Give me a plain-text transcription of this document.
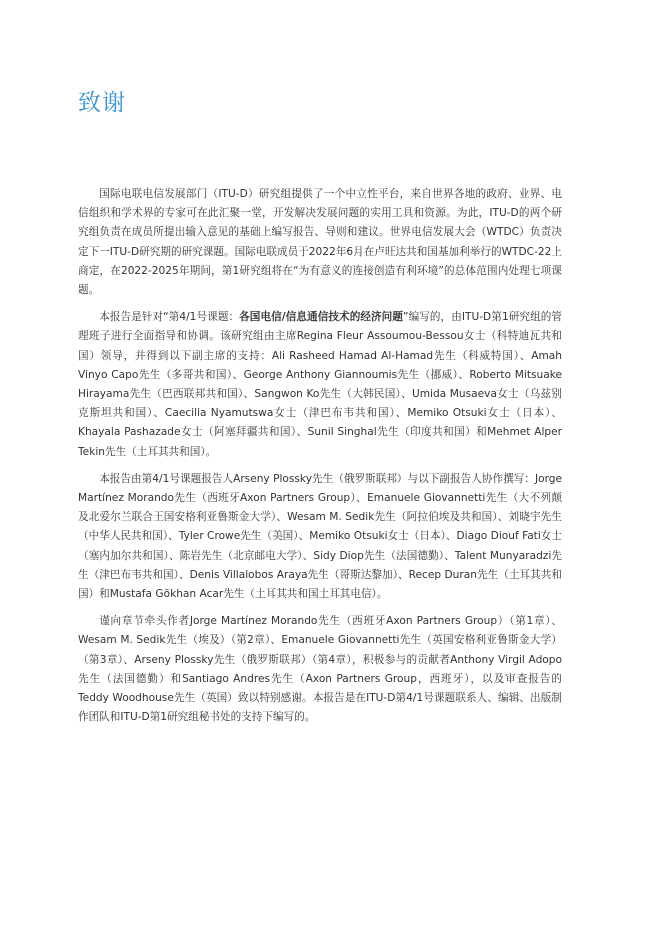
致谢

国际电联电信发展部门（ITU-D）研究组提供了一个中立性平台，来自世界各地的政府、业界、电信组织和学术界的专家可在此汇聚一堂，开发解决发展问题的实用工具和资源。为此，ITU-D的两个研究组负责在成员所提出输入意见的基础上编写报告、导则和建议。世界电信发展大会（WTDC）负责决定下一ITU-D研究期的研究课题。国际电联成员于2022年6月在卢旺达共和国基加利举行的WTDC-22上商定，在2022-2025年期间，第1研究组将在“为有意义的连接创造有利环境”的总体范围内处理七项课题。

本报告是针对“第4/1号课题：各国电信/信息通信技术的经济问题”编写的，由ITU-D第1研究组的管理班子进行全面指导和协调。该研究组由主席Regina Fleur Assoumou-Bessou女士（科特迪瓦共和国）领导，并得到以下副主席的支持：Ali Rasheed Hamad Al-Hamad先生（科威特国）、Amah Vinyo Capo先生（多哥共和国）、George Anthony Giannoumis先生（挪威）、Roberto Mitsuake Hirayama先生（巴西联邦共和国）、Sangwon Ko先生（大韩民国）、Umida Musaeva女士（乌兹别克斯坦共和国）、Caecilia Nyamutswa女士（津巴布韦共和国）、Memiko Otsuki女士（日本）、Khayala Pashazade女士（阿塞拜疆共和国）、Sunil Singhal先生（印度共和国）和Mehmet Alper Tekin先生（土耳其共和国）。

本报告由第4/1号课题报告人Arseny Plossky先生（俄罗斯联邦）与以下副报告人协作撰写：Jorge Martínez Morando先生（西班牙Axon Partners Group）、Emanuele Giovannetti先生（大不列颠及北爱尔兰联合王国安格利亚鲁斯金大学）、Wesam M. Sedik先生（阿拉伯埃及共和国）、刘晓宇先生（中华人民共和国）、Tyler Crowe先生（美国）、Memiko Otsuki女士（日本）、Diago Diouf Fati女士（塞内加尔共和国）、陈岩先生（北京邮电大学）、Sidy Diop先生（法国德勤）、Talent Munyaradzi先生（津巴布韦共和国）、Denis Villalobos Araya先生（哥斯达黎加）、Recep Duran先生（土耳其共和国）和Mustafa Gökhan Acar先生（土耳其共和国土耳其电信）。

谨向章节牵头作者Jorge Martínez Morando先生（西班牙Axon Partners Group）（第1章）、Wesam M. Sedik先生（埃及）（第2章）、Emanuele Giovannetti先生（英国安格利亚鲁斯金大学）（第3章）、Arseny Plossky先生（俄罗斯联邦）（第4章），积极参与的贡献者Anthony Virgil Adopo先生（法国德勤）和Santiago Andres先生（Axon Partners Group，西班牙），以及审查报告的Teddy Woodhouse先生（英国）致以特别感谢。本报告是在ITU-D第4/1号课题联系人、编辑、出版制作团队和ITU-D第1研究组秘书处的支持下编写的。
